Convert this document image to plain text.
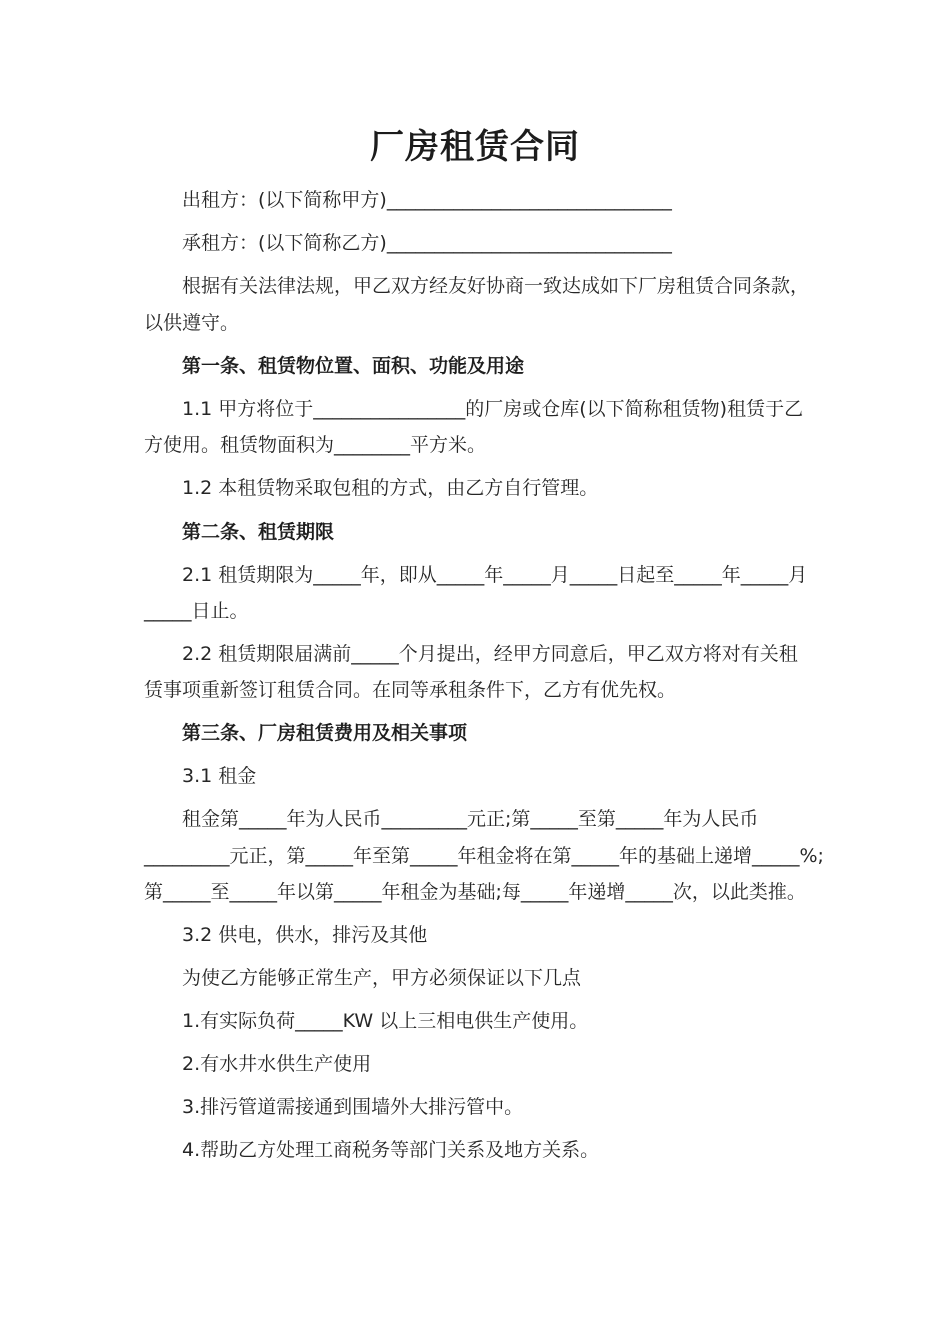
厂房租赁合同
出租方：(以下简称甲方)______________________________
承租方：(以下简称乙方)______________________________
根据有关法律法规，甲乙双方经友好协商一致达成如下厂房租赁合同条款，
以供遵守。
第一条、租赁物位置、面积、功能及用途
1.1 甲方将位于________________的厂房或仓库(以下简称租赁物)租赁于乙
方使用。租赁物面积为________平方米。
1.2 本租赁物采取包租的方式，由乙方自行管理。
第二条、租赁期限
2.1 租赁期限为_____年，即从_____年_____月_____日起至_____年_____月
_____日止。
2.2 租赁期限届满前_____个月提出，经甲方同意后，甲乙双方将对有关租
赁事项重新签订租赁合同。在同等承租条件下，乙方有优先权。
第三条、厂房租赁费用及相关事项
3.1 租金
租金第_____年为人民币_________元正;第_____至第_____年为人民币
_________元正，第_____年至第_____年租金将在第_____年的基础上递增_____%;
第_____至_____年以第_____年租金为基础;每_____年递增_____次，以此类推。
3.2 供电，供水，排污及其他
为使乙方能够正常生产，甲方必须保证以下几点
1.有实际负荷_____KW 以上三相电供生产使用。
2.有水井水供生产使用
3.排污管道需接通到围墙外大排污管中。
4.帮助乙方处理工商税务等部门关系及地方关系。
